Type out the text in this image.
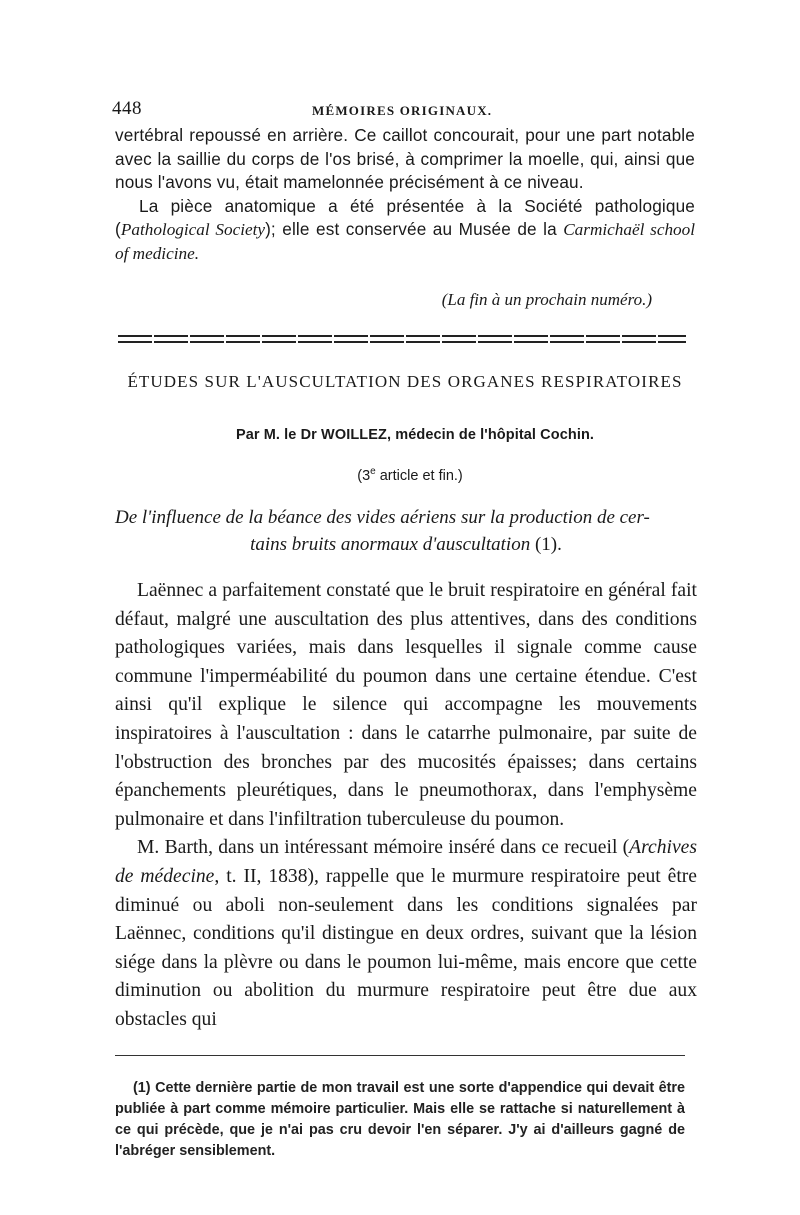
448	MÉMOIRES ORIGINAUX.

vertébral repoussé en arrière. Ce caillot concourait, pour une part notable avec la saillie du corps de l'os brisé, à comprimer la moelle, qui, ainsi que nous l'avons vu, était mamelonnée précisément à ce niveau.

La pièce anatomique a été présentée à la Société pathologique (Pathological Society); elle est conservée au Musée de la Carmichaël school of medicine.

(La fin à un prochain numéro.)
ÉTUDES SUR L'AUSCULTATION DES ORGANES RESPIRATOIRES
Par M. le Dr WOILLEZ, médecin de l'hôpital Cochin.
(3e article et fin.)
De l'influence de la béance des vides aériens sur la production de cer-
tains bruits anormaux d'auscultation (1).

Laënnec a parfaitement constaté que le bruit respiratoire en général fait défaut, malgré une auscultation des plus attentives, dans des conditions pathologiques variées, mais dans lesquelles il signale comme cause commune l'imperméabilité du poumon dans une certaine étendue. C'est ainsi qu'il explique le silence qui accompagne les mouvements inspiratoires à l'auscultation : dans le catarrhe pulmonaire, par suite de l'obstruction des bronches par des mucosités épaisses; dans certains épanchements pleurétiques, dans le pneumothorax, dans l'emphysème pulmonaire et dans l'infiltration tuberculeuse du poumon.

M. Barth, dans un intéressant mémoire inséré dans ce recueil (Archives de médecine, t. II, 1838), rappelle que le murmure respiratoire peut être diminué ou aboli non-seulement dans les conditions signalées par Laënnec, conditions qu'il distingue en deux ordres, suivant que la lésion siége dans la plèvre ou dans le poumon lui-même, mais encore que cette diminution ou abolition du murmure respiratoire peut être due aux obstacles qui

(1) Cette dernière partie de mon travail est une sorte d'appendice qui devait être publiée à part comme mémoire particulier. Mais elle se rattache si naturellement à ce qui précède, que je n'ai pas cru devoir l'en séparer. J'y ai d'ailleurs gagné de l'abréger sensiblement.
